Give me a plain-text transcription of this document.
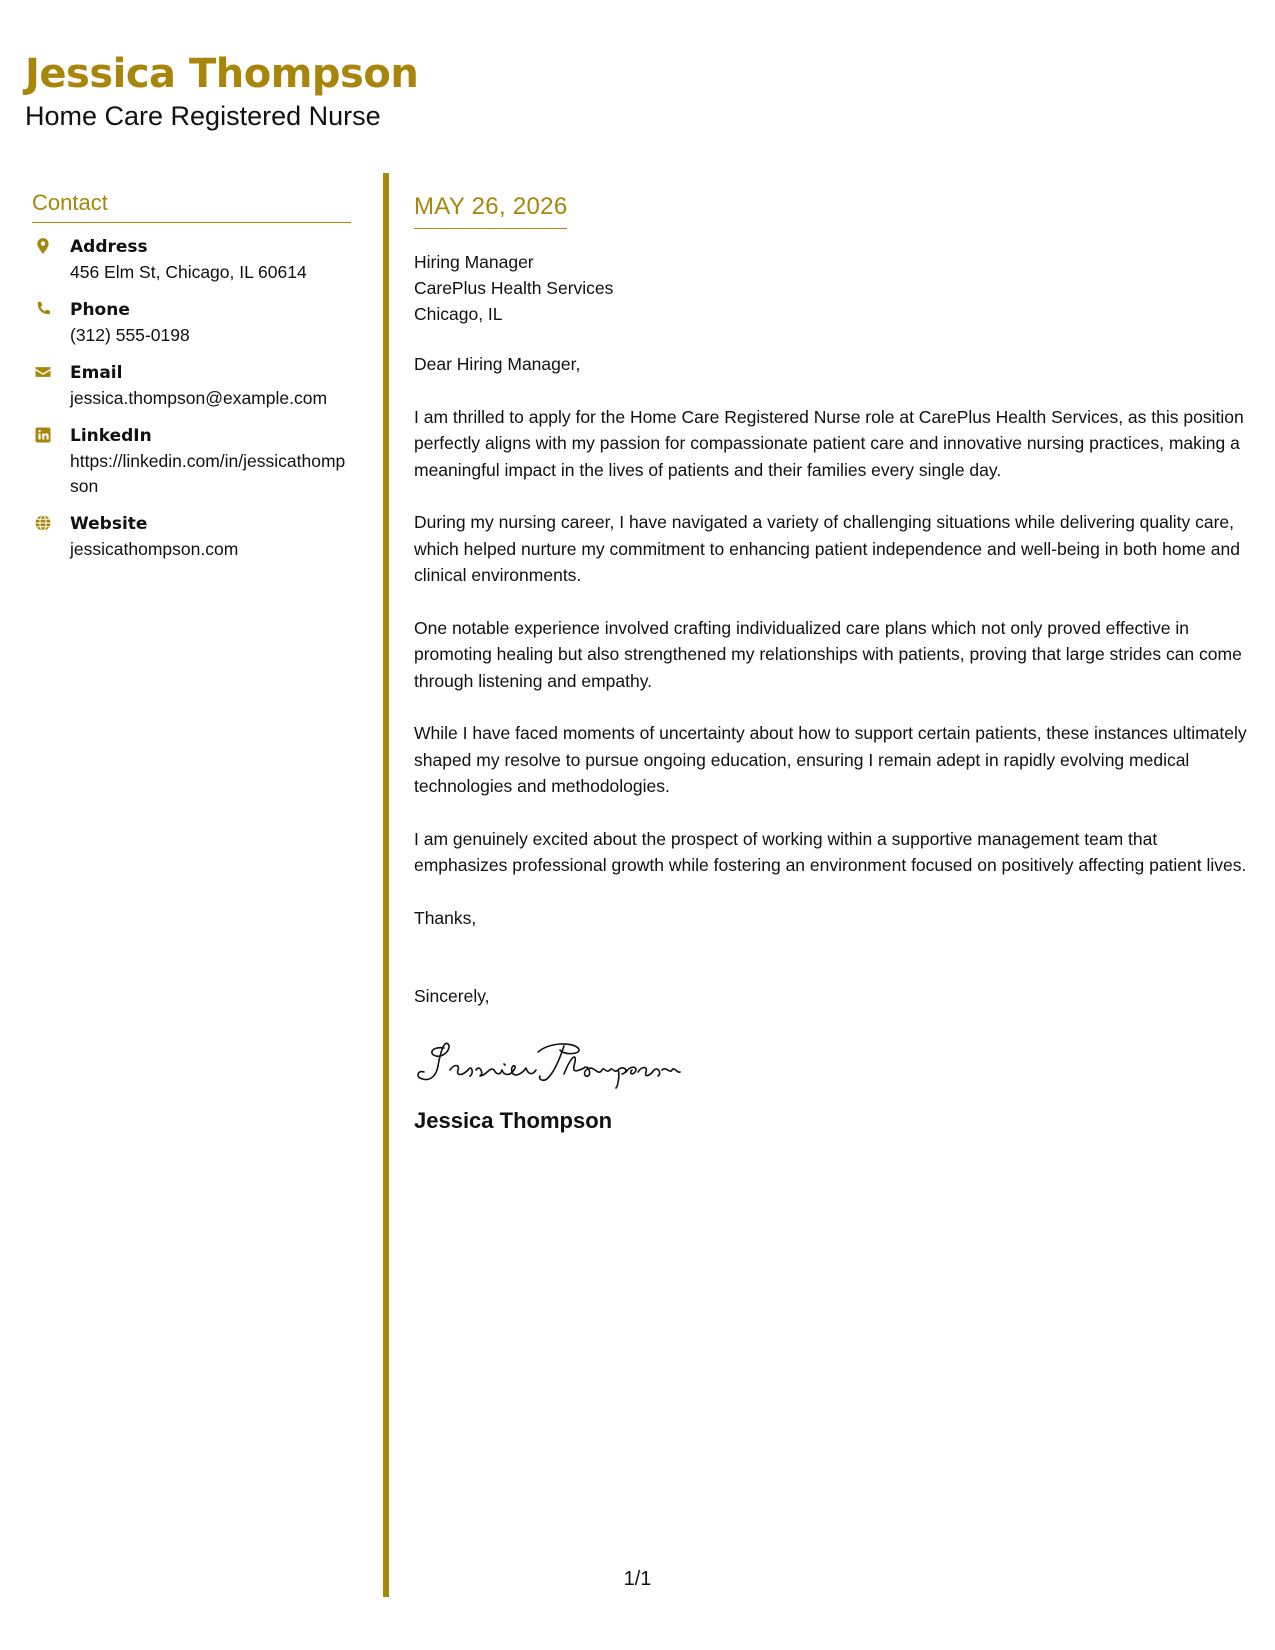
Jessica Thompson
Home Care Registered Nurse
Contact
Address
456 Elm St, Chicago, IL 60614
Phone
(312) 555-0198
Email
jessica.thompson@example.com
LinkedIn
https://linkedin.com/in/jessicathompson
Website
jessicathompson.com
MAY 26, 2026
Hiring Manager
CarePlus Health Services
Chicago, IL
Dear Hiring Manager,
I am thrilled to apply for the Home Care Registered Nurse role at CarePlus Health Services, as this position perfectly aligns with my passion for compassionate patient care and innovative nursing practices, making a meaningful impact in the lives of patients and their families every single day.
During my nursing career, I have navigated a variety of challenging situations while delivering quality care, which helped nurture my commitment to enhancing patient independence and well-being in both home and clinical environments.
One notable experience involved crafting individualized care plans which not only proved effective in promoting healing but also strengthened my relationships with patients, proving that large strides can come through listening and empathy.
While I have faced moments of uncertainty about how to support certain patients, these instances ultimately shaped my resolve to pursue ongoing education, ensuring I remain adept in rapidly evolving medical technologies and methodologies.
I am genuinely excited about the prospect of working within a supportive management team that emphasizes professional growth while fostering an environment focused on positively affecting patient lives.
Thanks,
Sincerely,
Jessica Thompson
1/1
